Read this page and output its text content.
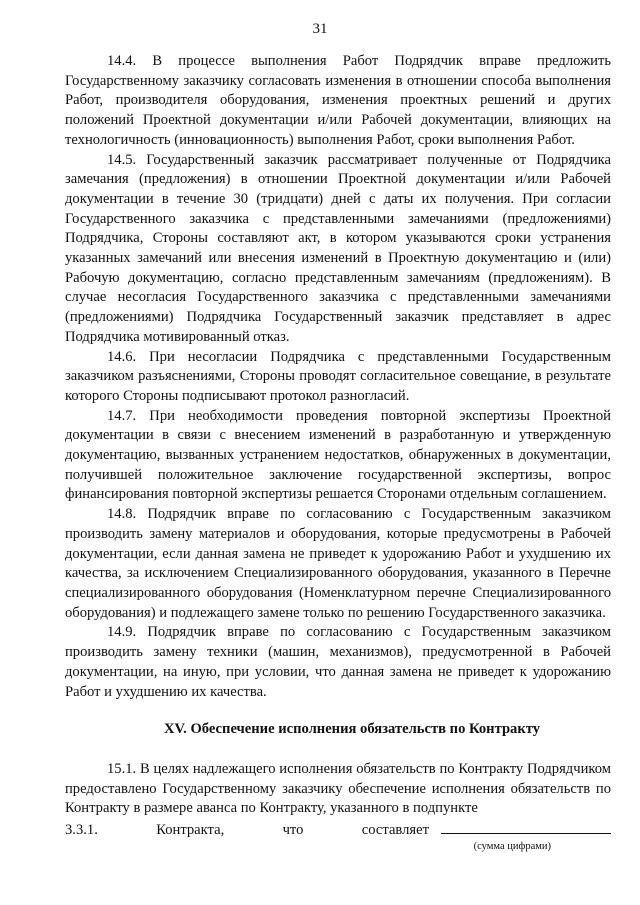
31

14.4. В процессе выполнения Работ Подрядчик вправе предложить Государственному заказчику согласовать изменения в отношении способа выполнения Работ, производителя оборудования, изменения проектных решений и других положений Проектной документации и/или Рабочей документации, влияющих на технологичность (инновационность) выполнения Работ, сроки выполнения Работ.

14.5. Государственный заказчик рассматривает полученные от Подрядчика замечания (предложения) в отношении Проектной документации и/или Рабочей документации в течение 30 (тридцати) дней с даты их получения. При согласии Государственного заказчика с представленными замечаниями (предложениями) Подрядчика, Стороны составляют акт, в котором указываются сроки устранения указанных замечаний или внесения изменений в Проектную документацию и (или) Рабочую документацию, согласно представленным замечаниям (предложениям). В случае несогласия Государственного заказчика с представленными замечаниями (предложениями) Подрядчика Государственный заказчик представляет в адрес Подрядчика мотивированный отказ.

14.6. При несогласии Подрядчика с представленными Государственным заказчиком разъяснениями, Стороны проводят согласительное совещание, в результате которого Стороны подписывают протокол разногласий.

14.7. При необходимости проведения повторной экспертизы Проектной документации в связи с внесением изменений в разработанную и утвержденную документацию, вызванных устранением недостатков, обнаруженных в документации, получившей положительное заключение государственной экспертизы, вопрос финансирования повторной экспертизы решается Сторонами отдельным соглашением.

14.8. Подрядчик вправе по согласованию с Государственным заказчиком производить замену материалов и оборудования, которые предусмотрены в Рабочей документации, если данная замена не приведет к удорожанию Работ и ухудшению их качества, за исключением Специализированного оборудования, указанного в Перечне специализированного оборудования (Номенклатурном перечне Специализированного оборудования) и подлежащего замене только по решению Государственного заказчика.

14.9. Подрядчик вправе по согласованию с Государственным заказчиком производить замену техники (машин, механизмов), предусмотренной в Рабочей документации, на иную, при условии, что данная замена не приведет к удорожанию Работ и ухудшению их качества.

XV. Обеспечение исполнения обязательств по Контракту

15.1. В целях надлежащего исполнения обязательств по Контракту Подрядчиком предоставлено Государственному заказчику обеспечение исполнения обязательств по Контракту в размере аванса по Контракту, указанного в подпункте

3.3.1.	Контракта,	что	составляет
(сумма цифрами)
